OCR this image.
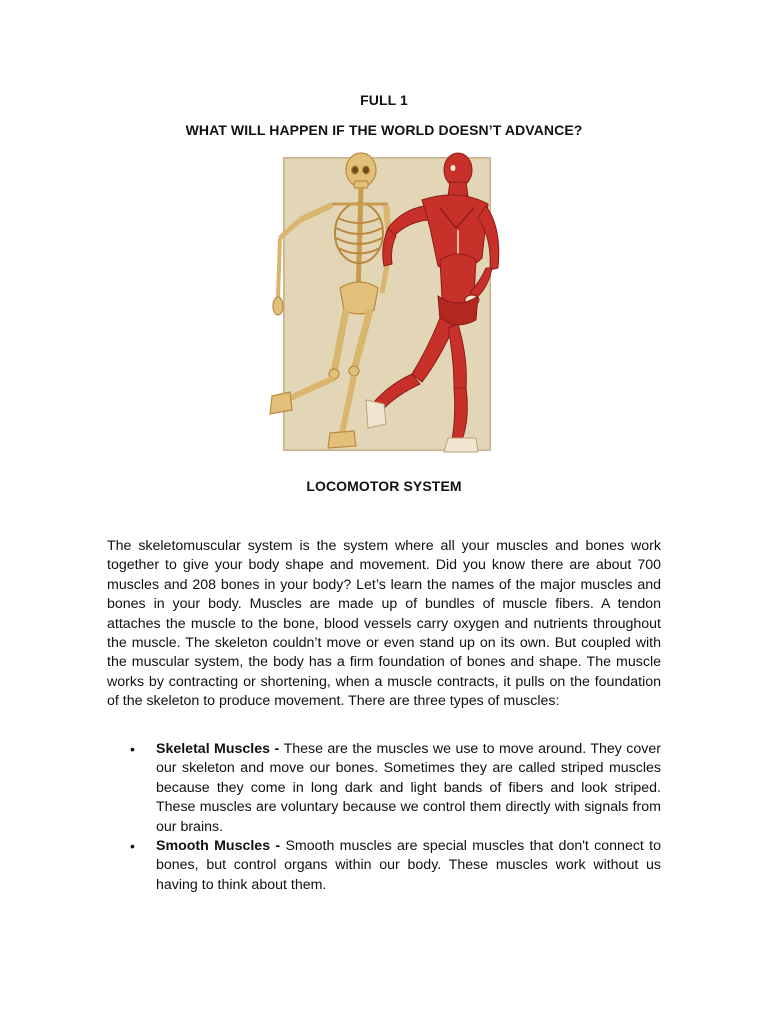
FULL 1
WHAT WILL HAPPEN IF THE WORLD DOESN’T ADVANCE?
LOCOMOTOR SYSTEM

The skeletomuscular system is the system where all your muscles and bones work together to give your body shape and movement. Did you know there are about 700 muscles and 208 bones in your body? Let’s learn the names of the major muscles and bones in your body. Muscles are made up of bundles of muscle fibers. A tendon attaches the muscle to the bone, blood vessels carry oxygen and nutrients throughout the muscle. The skeleton couldn’t move or even stand up on its own. But coupled with the muscular system, the body has a firm foundation of bones and shape. The muscle works by contracting or shortening, when a muscle contracts, it pulls on the foundation of the skeleton to produce movement. There are three types of muscles:

• Skeletal Muscles - These are the muscles we use to move around. They cover our skeleton and move our bones. Sometimes they are called striped muscles because they come in long dark and light bands of fibers and look striped. These muscles are voluntary because we control them directly with signals from our brains.
• Smooth Muscles - Smooth muscles are special muscles that don't connect to bones, but control organs within our body. These muscles work without us having to think about them.
